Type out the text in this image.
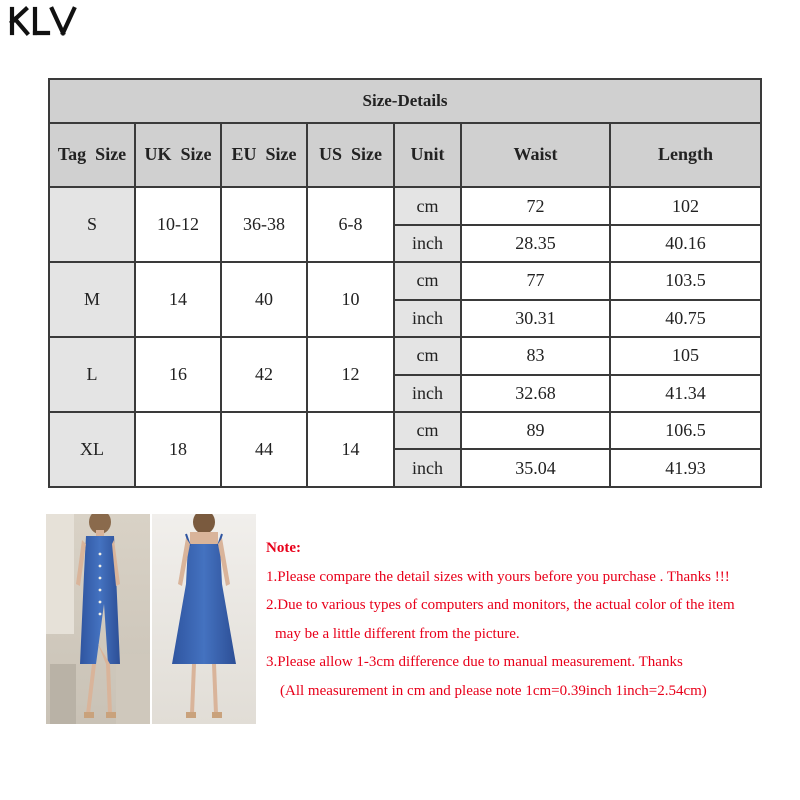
Size-Details						
Tag  Size	UK  Size	EU  Size	US  Size	Unit	Waist	Length
S	10-12	36-38	6-8	cm	72	102
				inch	28.35	40.16
M	14	40	10	cm	77	103.5
				inch	30.31	40.75
L	16	42	12	cm	83	105
				inch	32.68	41.34
XL	18	44	14	cm	89	106.5
				inch	35.04	41.93
Note:
1.Please compare the detail sizes with yours before you purchase . Thanks !!!
2.Due to various types of computers and monitors, the actual color of the item
may be a little different from the picture.
3.Please allow 1-3cm difference due to manual measurement. Thanks
(All measurement in cm and please note 1cm=0.39inch 1inch=2.54cm)
